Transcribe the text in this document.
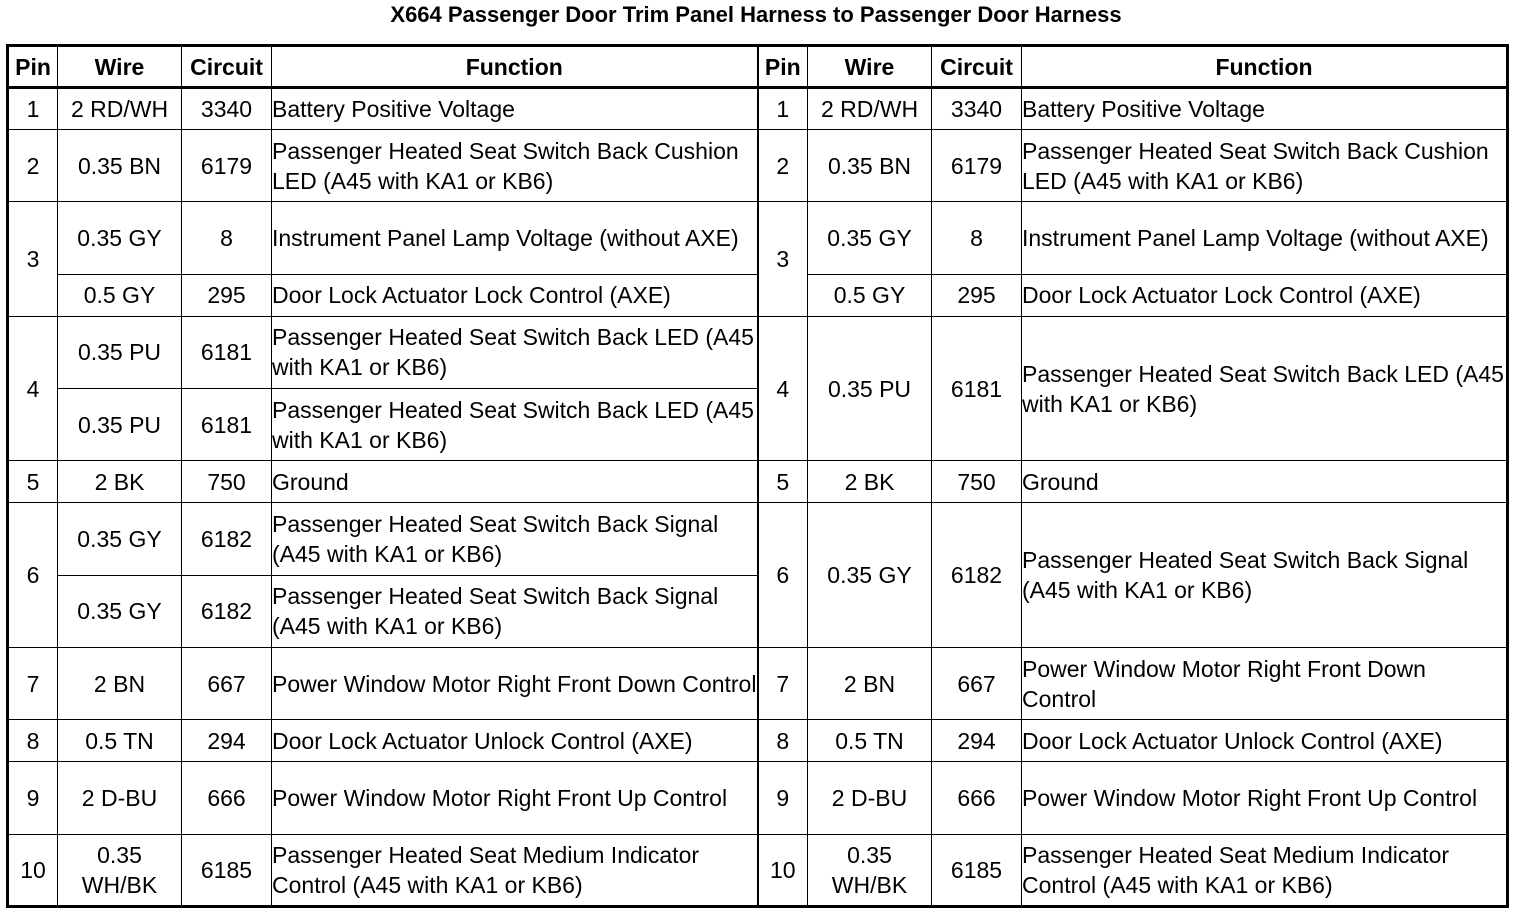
X664 Passenger Door Trim Panel Harness to Passenger Door Harness
Pin	Wire	Circuit	Function	Pin	Wire	Circuit	Function
1	2 RD/WH	3340	Battery Positive Voltage	1	2 RD/WH	3340	Battery Positive Voltage
2	0.35 BN	6179	Passenger Heated Seat Switch Back Cushion LED (A45 with KA1 or KB6)	2	0.35 BN	6179	Passenger Heated Seat Switch Back Cushion LED (A45 with KA1 or KB6)
3	0.35 GY	8	Instrument Panel Lamp Voltage (without AXE)	3	0.35 GY	8	Instrument Panel Lamp Voltage (without AXE)
	0.5 GY	295	Door Lock Actuator Lock Control (AXE)		0.5 GY	295	Door Lock Actuator Lock Control (AXE)
4	0.35 PU	6181	Passenger Heated Seat Switch Back LED (A45 with KA1 or KB6)	4	0.35 PU	6181	Passenger Heated Seat Switch Back LED (A45 with KA1 or KB6)
	0.35 PU	6181	Passenger Heated Seat Switch Back LED (A45 with KA1 or KB6)				
5	2 BK	750	Ground	5	2 BK	750	Ground
6	0.35 GY	6182	Passenger Heated Seat Switch Back Signal (A45 with KA1 or KB6)	6	0.35 GY	6182	Passenger Heated Seat Switch Back Signal (A45 with KA1 or KB6)
	0.35 GY	6182	Passenger Heated Seat Switch Back Signal (A45 with KA1 or KB6)				
7	2 BN	667	Power Window Motor Right Front Down Control	7	2 BN	667	Power Window Motor Right Front Down Control
8	0.5 TN	294	Door Lock Actuator Unlock Control (AXE)	8	0.5 TN	294	Door Lock Actuator Unlock Control (AXE)
9	2 D-BU	666	Power Window Motor Right Front Up Control	9	2 D-BU	666	Power Window Motor Right Front Up Control
10	0.35 WH/BK	6185	Passenger Heated Seat Medium Indicator Control (A45 with KA1 or KB6)	10	0.35 WH/BK	6185	Passenger Heated Seat Medium Indicator Control (A45 with KA1 or KB6)
